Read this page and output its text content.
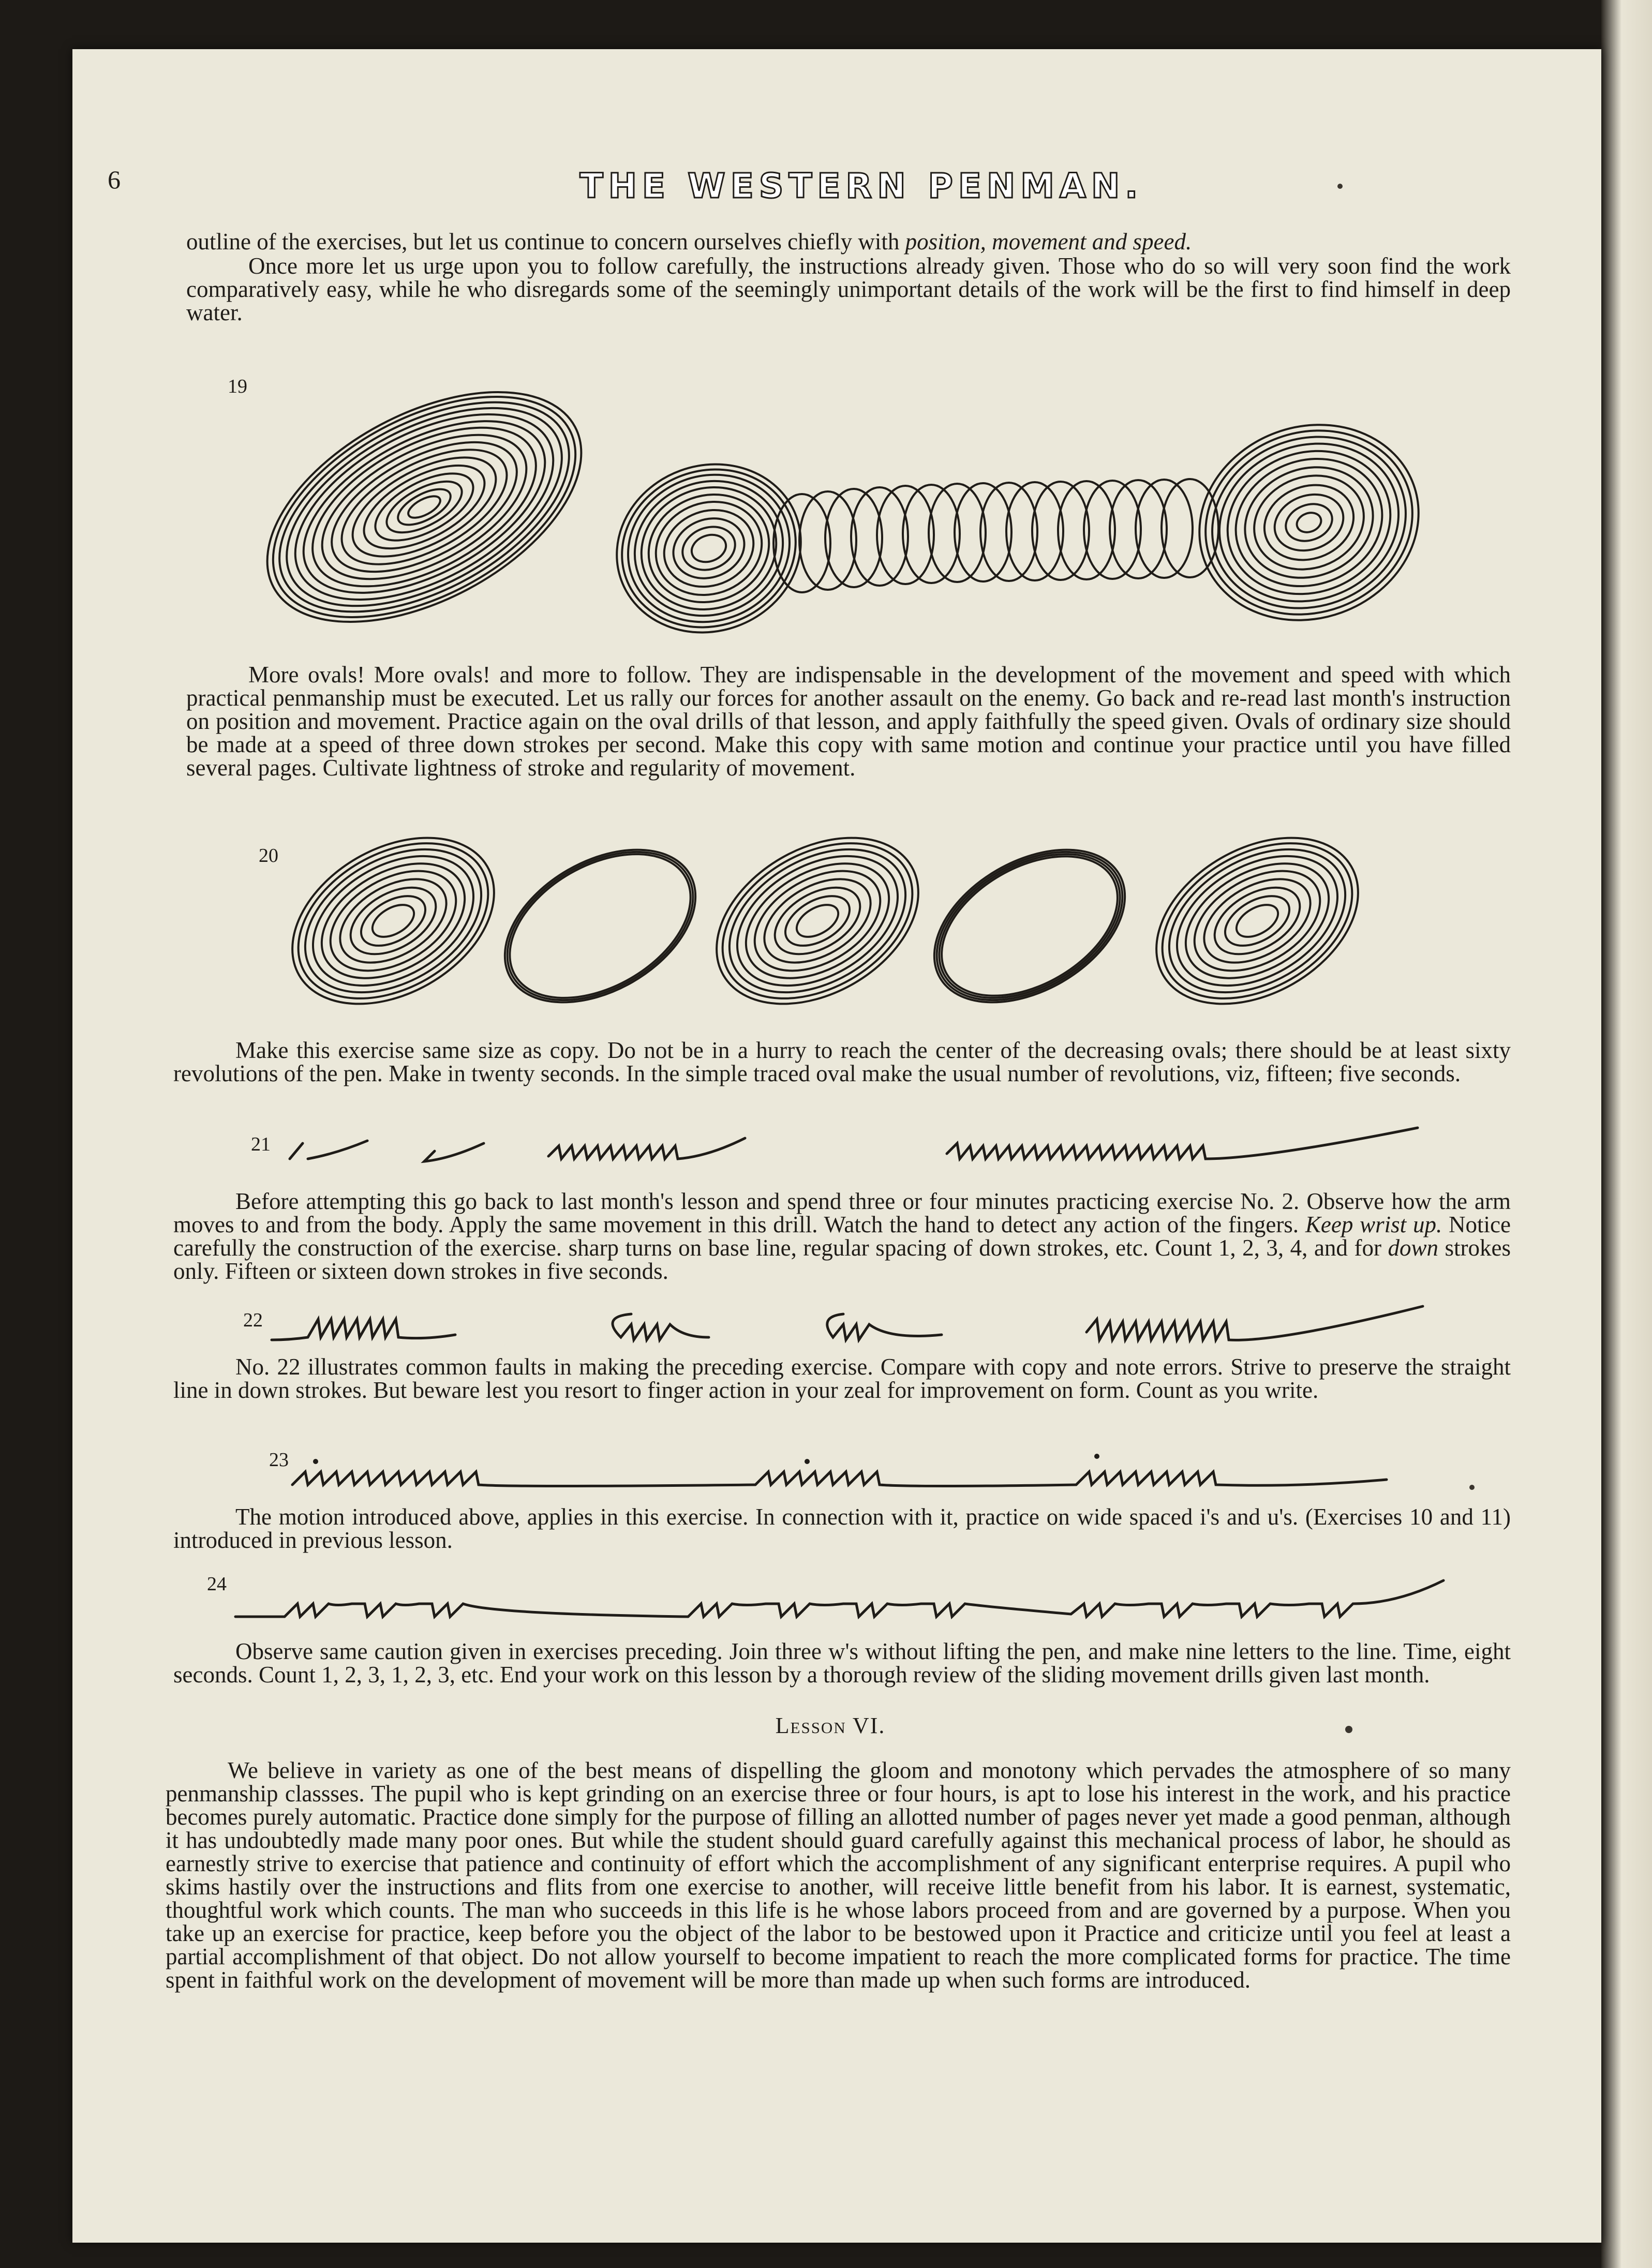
6	THE WESTERN PENMAN.

outline of the exercises, but let us continue to concern ourselves chiefly with position, movement and speed.

Once more let us urge upon you to follow carefully, the instructions already given. Those who do so will very soon find the work comparatively easy, while he who disregards some of the seemingly unimportant details of the work will be the first to find himself in deep water.

19

More ovals! More ovals! and more to follow. They are indispensable in the development of the movement and speed with which practical penmanship must be executed. Let us rally our forces for another assault on the enemy. Go back and re-read last month's instruction on position and movement. Practice again on the oval drills of that lesson, and apply faithfully the speed given. Ovals of ordinary size should be made at a speed of three down strokes per second. Make this copy with same motion and continue your practice until you have filled several pages. Cultivate lightness of stroke and regularity of movement.

20

Make this exercise same size as copy. Do not be in a hurry to reach the center of the decreasing ovals; there should be at least sixty revolutions of the pen. Make in twenty seconds. In the simple traced oval make the usual number of revolutions, viz, fifteen; five seconds.

21

Before attempting this go back to last month's lesson and spend three or four minutes practicing exercise No. 2. Observe how the arm moves to and from the body. Apply the same movement in this drill. Watch the hand to detect any action of the fingers. Keep wrist up. Notice carefully the construction of the exercise. sharp turns on base line, regular spacing of down strokes, etc. Count 1, 2, 3, 4, and for down strokes only. Fifteen or sixteen down strokes in five seconds.

22

No. 22 illustrates common faults in making the preceding exercise. Compare with copy and note errors. Strive to preserve the straight line in down strokes. But beware lest you resort to finger action in your zeal for improvement on form. Count as you write.

23

The motion introduced above, applies in this exercise. In connection with it, practice on wide spaced i's and u's. (Exercises 10 and 11) introduced in previous lesson.

24

Observe same caution given in exercises preceding. Join three w's without lifting the pen, and make nine letters to the line. Time, eight seconds. Count 1, 2, 3, 1, 2, 3, etc. End your work on this lesson by a thorough review of the sliding movement drills given last month.

Lesson VI.

We believe in variety as one of the best means of dispelling the gloom and monotony which pervades the atmosphere of so many penmanship classses. The pupil who is kept grinding on an exercise three or four hours, is apt to lose his interest in the work, and his practice becomes purely automatic. Practice done simply for the purpose of filling an allotted number of pages never yet made a good penman, although it has undoubtedly made many poor ones. But while the student should guard carefully against this mechanical process of labor, he should as earnestly strive to exercise that patience and continuity of effort which the accomplishment of any significant enterprise requires. A pupil who skims hastily over the instructions and flits from one exercise to another, will receive little benefit from his labor. It is earnest, systematic, thoughtful work which counts. The man who succeeds in this life is he whose labors proceed from and are governed by a purpose. When you take up an exercise for practice, keep before you the object of the labor to be bestowed upon it Practice and criticize until you feel at least a partial accomplishment of that object. Do not allow yourself to become impatient to reach the more complicated forms for practice. The time spent in faithful work on the development of movement will be more than made up when such forms are introduced.
